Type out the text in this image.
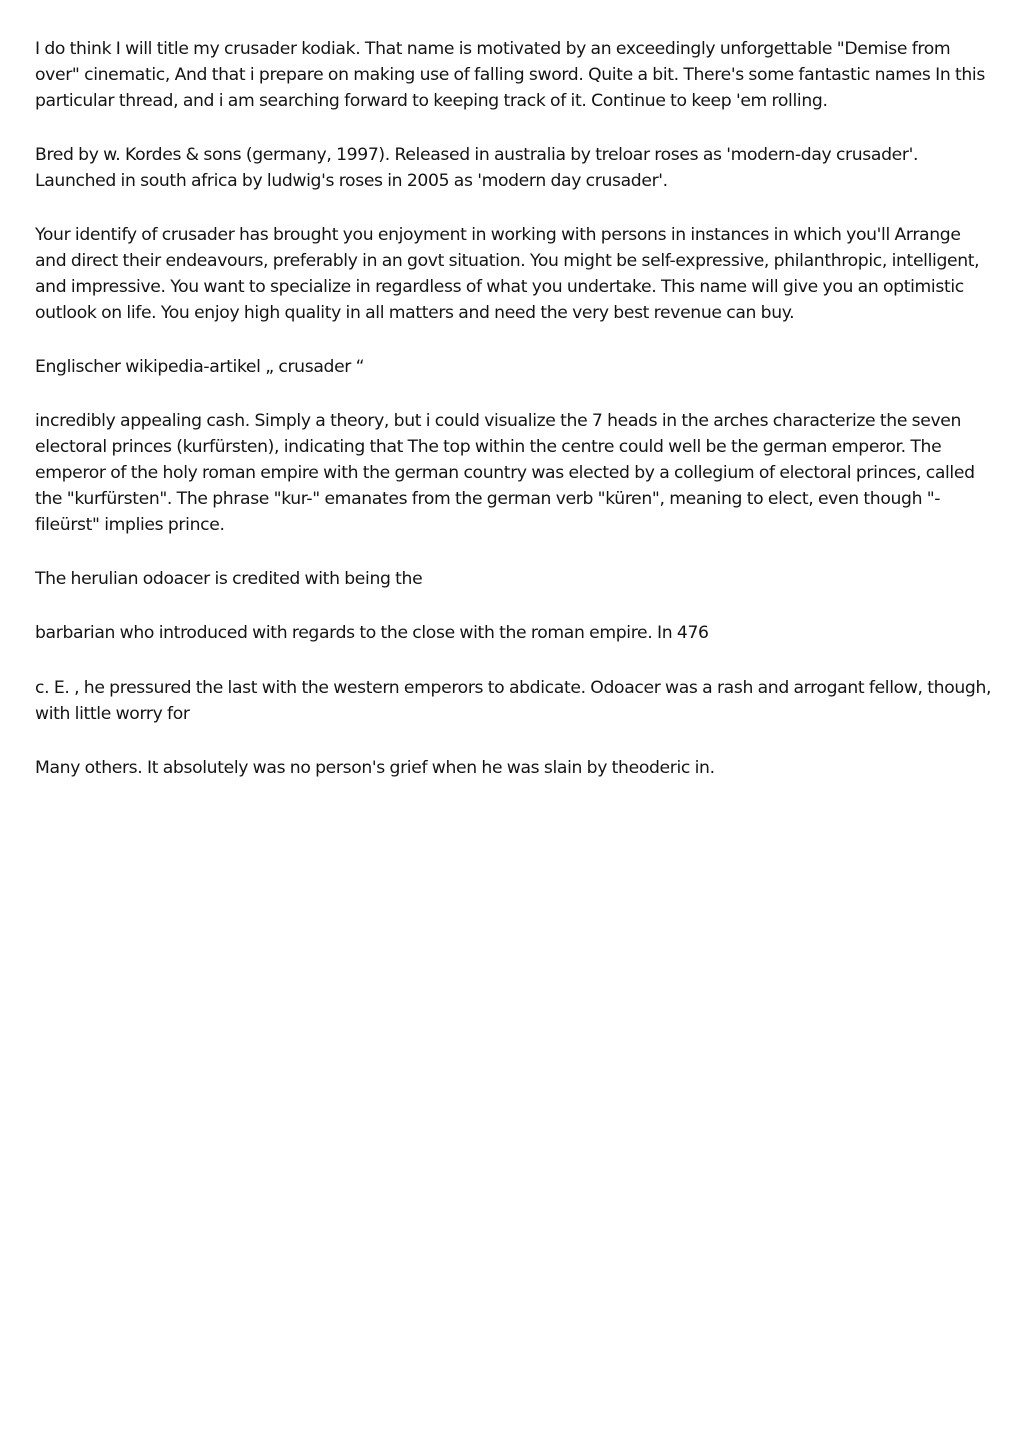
I do think I will title my crusader kodiak. That name is motivated by an exceedingly unforgettable "Demise from over" cinematic, And that i prepare on making use of falling sword. Quite a bit. There's some fantastic names In this particular thread, and i am searching forward to keeping track of it. Continue to keep 'em rolling.

Bred by w. Kordes & sons (germany, 1997). Released in australia by treloar roses as 'modern-day crusader'. Launched in south africa by ludwig's roses in 2005 as 'modern day crusader'.

Your identify of crusader has brought you enjoyment in working with persons in instances in which you'll Arrange and direct their endeavours, preferably in an govt situation. You might be self-expressive, philanthropic, intelligent, and impressive. You want to specialize in regardless of what you undertake. This name will give you an optimistic outlook on life. You enjoy high quality in all matters and need the very best revenue can buy.

Englischer wikipedia-artikel „ crusader “

incredibly appealing cash. Simply a theory, but i could visualize the 7 heads in the arches characterize the seven electoral princes (kurfürsten), indicating that The top within the centre could well be the german emperor. The emperor of the holy roman empire with the german country was elected by a collegium of electoral princes, called the "kurfürsten". The phrase "kur-" emanates from the german verb "küren", meaning to elect, even though "-fileürst" implies prince.

The herulian odoacer is credited with being the

barbarian who introduced with regards to the close with the roman empire. In 476

c. E. , he pressured the last with the western emperors to abdicate. Odoacer was a rash and arrogant fellow, though, with little worry for

Many others. It absolutely was no person's grief when he was slain by theoderic in.
